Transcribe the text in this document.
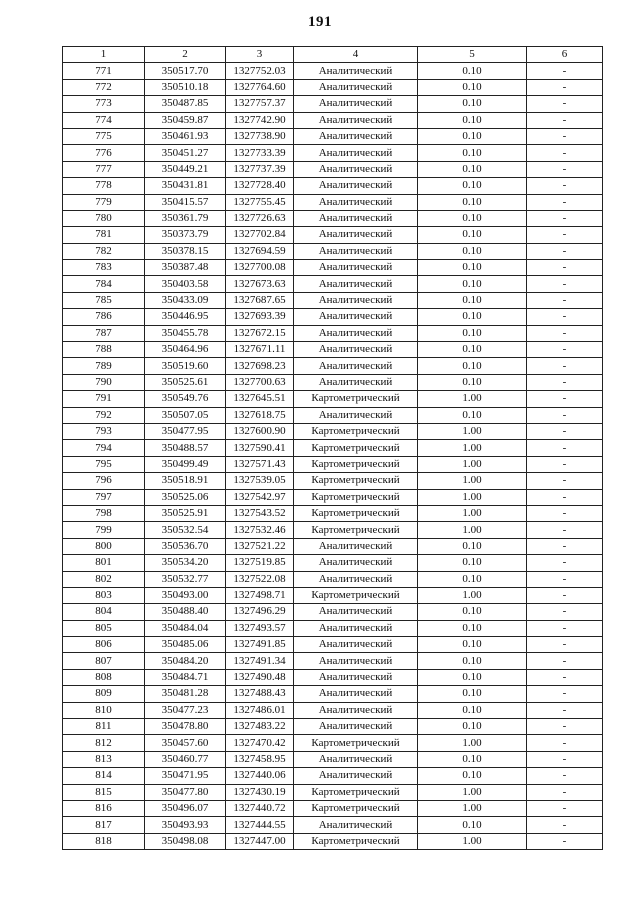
191
1	2	3	4	5	6
771	350517.70	1327752.03	Аналитический	0.10	-
772	350510.18	1327764.60	Аналитический	0.10	-
773	350487.85	1327757.37	Аналитический	0.10	-
774	350459.87	1327742.90	Аналитический	0.10	-
775	350461.93	1327738.90	Аналитический	0.10	-
776	350451.27	1327733.39	Аналитический	0.10	-
777	350449.21	1327737.39	Аналитический	0.10	-
778	350431.81	1327728.40	Аналитический	0.10	-
779	350415.57	1327755.45	Аналитический	0.10	-
780	350361.79	1327726.63	Аналитический	0.10	-
781	350373.79	1327702.84	Аналитический	0.10	-
782	350378.15	1327694.59	Аналитический	0.10	-
783	350387.48	1327700.08	Аналитический	0.10	-
784	350403.58	1327673.63	Аналитический	0.10	-
785	350433.09	1327687.65	Аналитический	0.10	-
786	350446.95	1327693.39	Аналитический	0.10	-
787	350455.78	1327672.15	Аналитический	0.10	-
788	350464.96	1327671.11	Аналитический	0.10	-
789	350519.60	1327698.23	Аналитический	0.10	-
790	350525.61	1327700.63	Аналитический	0.10	-
791	350549.76	1327645.51	Картометрический	1.00	-
792	350507.05	1327618.75	Аналитический	0.10	-
793	350477.95	1327600.90	Картометрический	1.00	-
794	350488.57	1327590.41	Картометрический	1.00	-
795	350499.49	1327571.43	Картометрический	1.00	-
796	350518.91	1327539.05	Картометрический	1.00	-
797	350525.06	1327542.97	Картометрический	1.00	-
798	350525.91	1327543.52	Картометрический	1.00	-
799	350532.54	1327532.46	Картометрический	1.00	-
800	350536.70	1327521.22	Аналитический	0.10	-
801	350534.20	1327519.85	Аналитический	0.10	-
802	350532.77	1327522.08	Аналитический	0.10	-
803	350493.00	1327498.71	Картометрический	1.00	-
804	350488.40	1327496.29	Аналитический	0.10	-
805	350484.04	1327493.57	Аналитический	0.10	-
806	350485.06	1327491.85	Аналитический	0.10	-
807	350484.20	1327491.34	Аналитический	0.10	-
808	350484.71	1327490.48	Аналитический	0.10	-
809	350481.28	1327488.43	Аналитический	0.10	-
810	350477.23	1327486.01	Аналитический	0.10	-
811	350478.80	1327483.22	Аналитический	0.10	-
812	350457.60	1327470.42	Картометрический	1.00	-
813	350460.77	1327458.95	Аналитический	0.10	-
814	350471.95	1327440.06	Аналитический	0.10	-
815	350477.80	1327430.19	Картометрический	1.00	-
816	350496.07	1327440.72	Картометрический	1.00	-
817	350493.93	1327444.55	Аналитический	0.10	-
818	350498.08	1327447.00	Картометрический	1.00	-
